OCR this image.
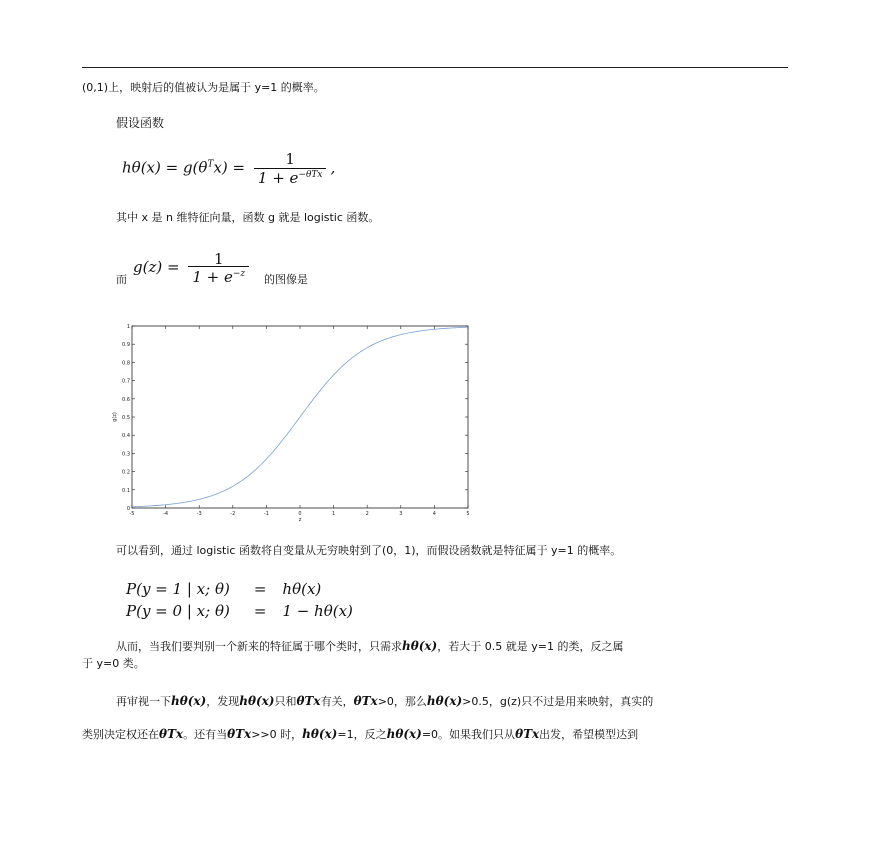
(0,1)上，映射后的值被认为是属于 y=1 的概率。
假设函数
$h\theta(x) = g(\theta^Tx) = \frac{1}{1 + e^{-\theta Tx}}$ ,
其中 x 是 n 维特征向量，函数 g 就是 logistic 函数。
而
$g(z) = \frac{1}{1 + e^{-z}}$ 的图像是
-5	-4	-3	-2	-1	0	1	2	3	4	5
0
0.1
0.2
0.3
0.4
0.5
0.6
0.7
0.8
0.9
1
z
g(z)
可以看到，通过 logistic 函数将自变量从无穷映射到了(0，1)，而假设函数就是特征属于 y=1 的概率。
P(y = 1 | x; θ)	=	hθ(x)
P(y = 0 | x; θ)	=	1 − hθ(x)
从而，当我们要判别一个新来的特征属于哪个类时，只需求hθ(x)，若大于 0.5 就是 y=1 的类，反之属
于 y=0 类。
再审视一下hθ(x)，发现hθ(x)只和θTx有关，θTx>0，那么hθ(x)>0.5，g(z)只不过是用来映射，真实的
类别决定权还在θTx。还有当θTx>>0 时，hθ(x)=1，反之hθ(x)=0。如果我们只从θTx出发，希望模型达到
